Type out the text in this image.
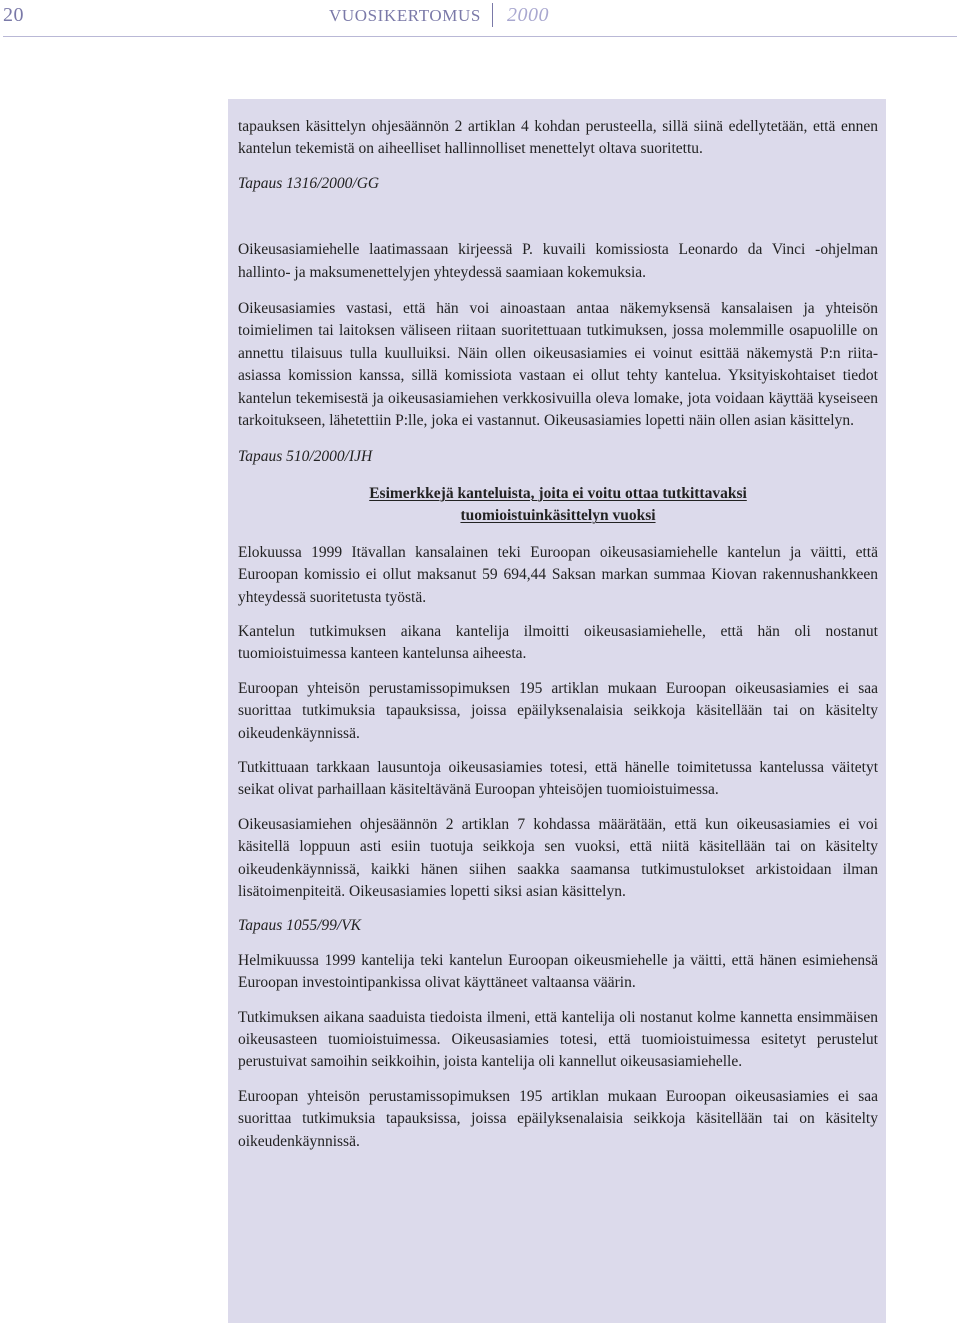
20	VUOSIKERTOMUS 2000

tapauksen käsittelyn ohjesäännön 2 artiklan 4 kohdan perusteella, sillä siinä edellytetään, että ennen kantelun tekemistä on aiheelliset hallinnolliset menettelyt oltava suoritettu.

Tapaus 1316/2000/GG

Oikeusasiamiehelle laatimassaan kirjeessä P. kuvaili komissiosta Leonardo da Vinci -ohjelman hallinto- ja maksumenettelyjen yhteydessä saamiaan kokemuksia.

Oikeusasiamies vastasi, että hän voi ainoastaan antaa näkemyksensä kansalaisen ja yhteisön toimielimen tai laitoksen väliseen riitaan suoritettuaan tutkimuksen, jossa molemmille osapuolille on annettu tilaisuus tulla kuulluiksi. Näin ollen oikeusasiamies ei voinut esittää näkemystä P:n riita-asiassa komission kanssa, sillä komissiota vastaan ei ollut tehty kantelua. Yksityiskohtaiset tiedot kantelun tekemisestä ja oikeusasiamiehen verkkosivuilla oleva lomake, jota voidaan käyttää kyseiseen tarkoitukseen, lähetettiin P:lle, joka ei vastannut. Oikeusasiamies lopetti näin ollen asian käsittelyn.

Tapaus 510/2000/IJH

Esimerkkejä kanteluista, joita ei voitu ottaa tutkittavaksi
tuomioistuinkäsittelyn vuoksi

Elokuussa 1999 Itävallan kansalainen teki Euroopan oikeusasiamiehelle kantelun ja väitti, että Euroopan komissio ei ollut maksanut 59 694,44 Saksan markan summaa Kiovan rakennushankkeen yhteydessä suoritetusta työstä.

Kantelun tutkimuksen aikana kantelija ilmoitti oikeusasiamiehelle, että hän oli nostanut tuomioistuimessa kanteen kantelunsa aiheesta.

Euroopan yhteisön perustamissopimuksen 195 artiklan mukaan Euroopan oikeusasiamies ei saa suorittaa tutkimuksia tapauksissa, joissa epäilyksenalaisia seikkoja käsitellään tai on käsitelty oikeudenkäynnissä.

Tutkittuaan tarkkaan lausuntoja oikeusasiamies totesi, että hänelle toimitetussa kantelussa väitetyt seikat olivat parhaillaan käsiteltävänä Euroopan yhteisöjen tuomioistuimessa.

Oikeusasiamiehen ohjesäännön 2 artiklan 7 kohdassa määrätään, että kun oikeusasiamies ei voi käsitellä loppuun asti esiin tuotuja seikkoja sen vuoksi, että niitä käsitellään tai on käsitelty oikeudenkäynnissä, kaikki hänen siihen saakka saamansa tutkimustulokset arkistoidaan ilman lisätoimenpiteitä. Oikeusasiamies lopetti siksi asian käsittelyn.

Tapaus 1055/99/VK

Helmikuussa 1999 kantelija teki kantelun Euroopan oikeusmiehelle ja väitti, että hänen esimiehensä Euroopan investointipankissa olivat käyttäneet valtaansa väärin.

Tutkimuksen aikana saaduista tiedoista ilmeni, että kantelija oli nostanut kolme kannetta ensimmäisen oikeusasteen tuomioistuimessa. Oikeusasiamies totesi, että tuomioistuimessa esitetyt perustelut perustuivat samoihin seikkoihin, joista kantelija oli kannellut oikeusasiamiehelle.

Euroopan yhteisön perustamissopimuksen 195 artiklan mukaan Euroopan oikeusasiamies ei saa suorittaa tutkimuksia tapauksissa, joissa epäilyksenalaisia seikkoja käsitellään tai on käsitelty oikeudenkäynnissä.
